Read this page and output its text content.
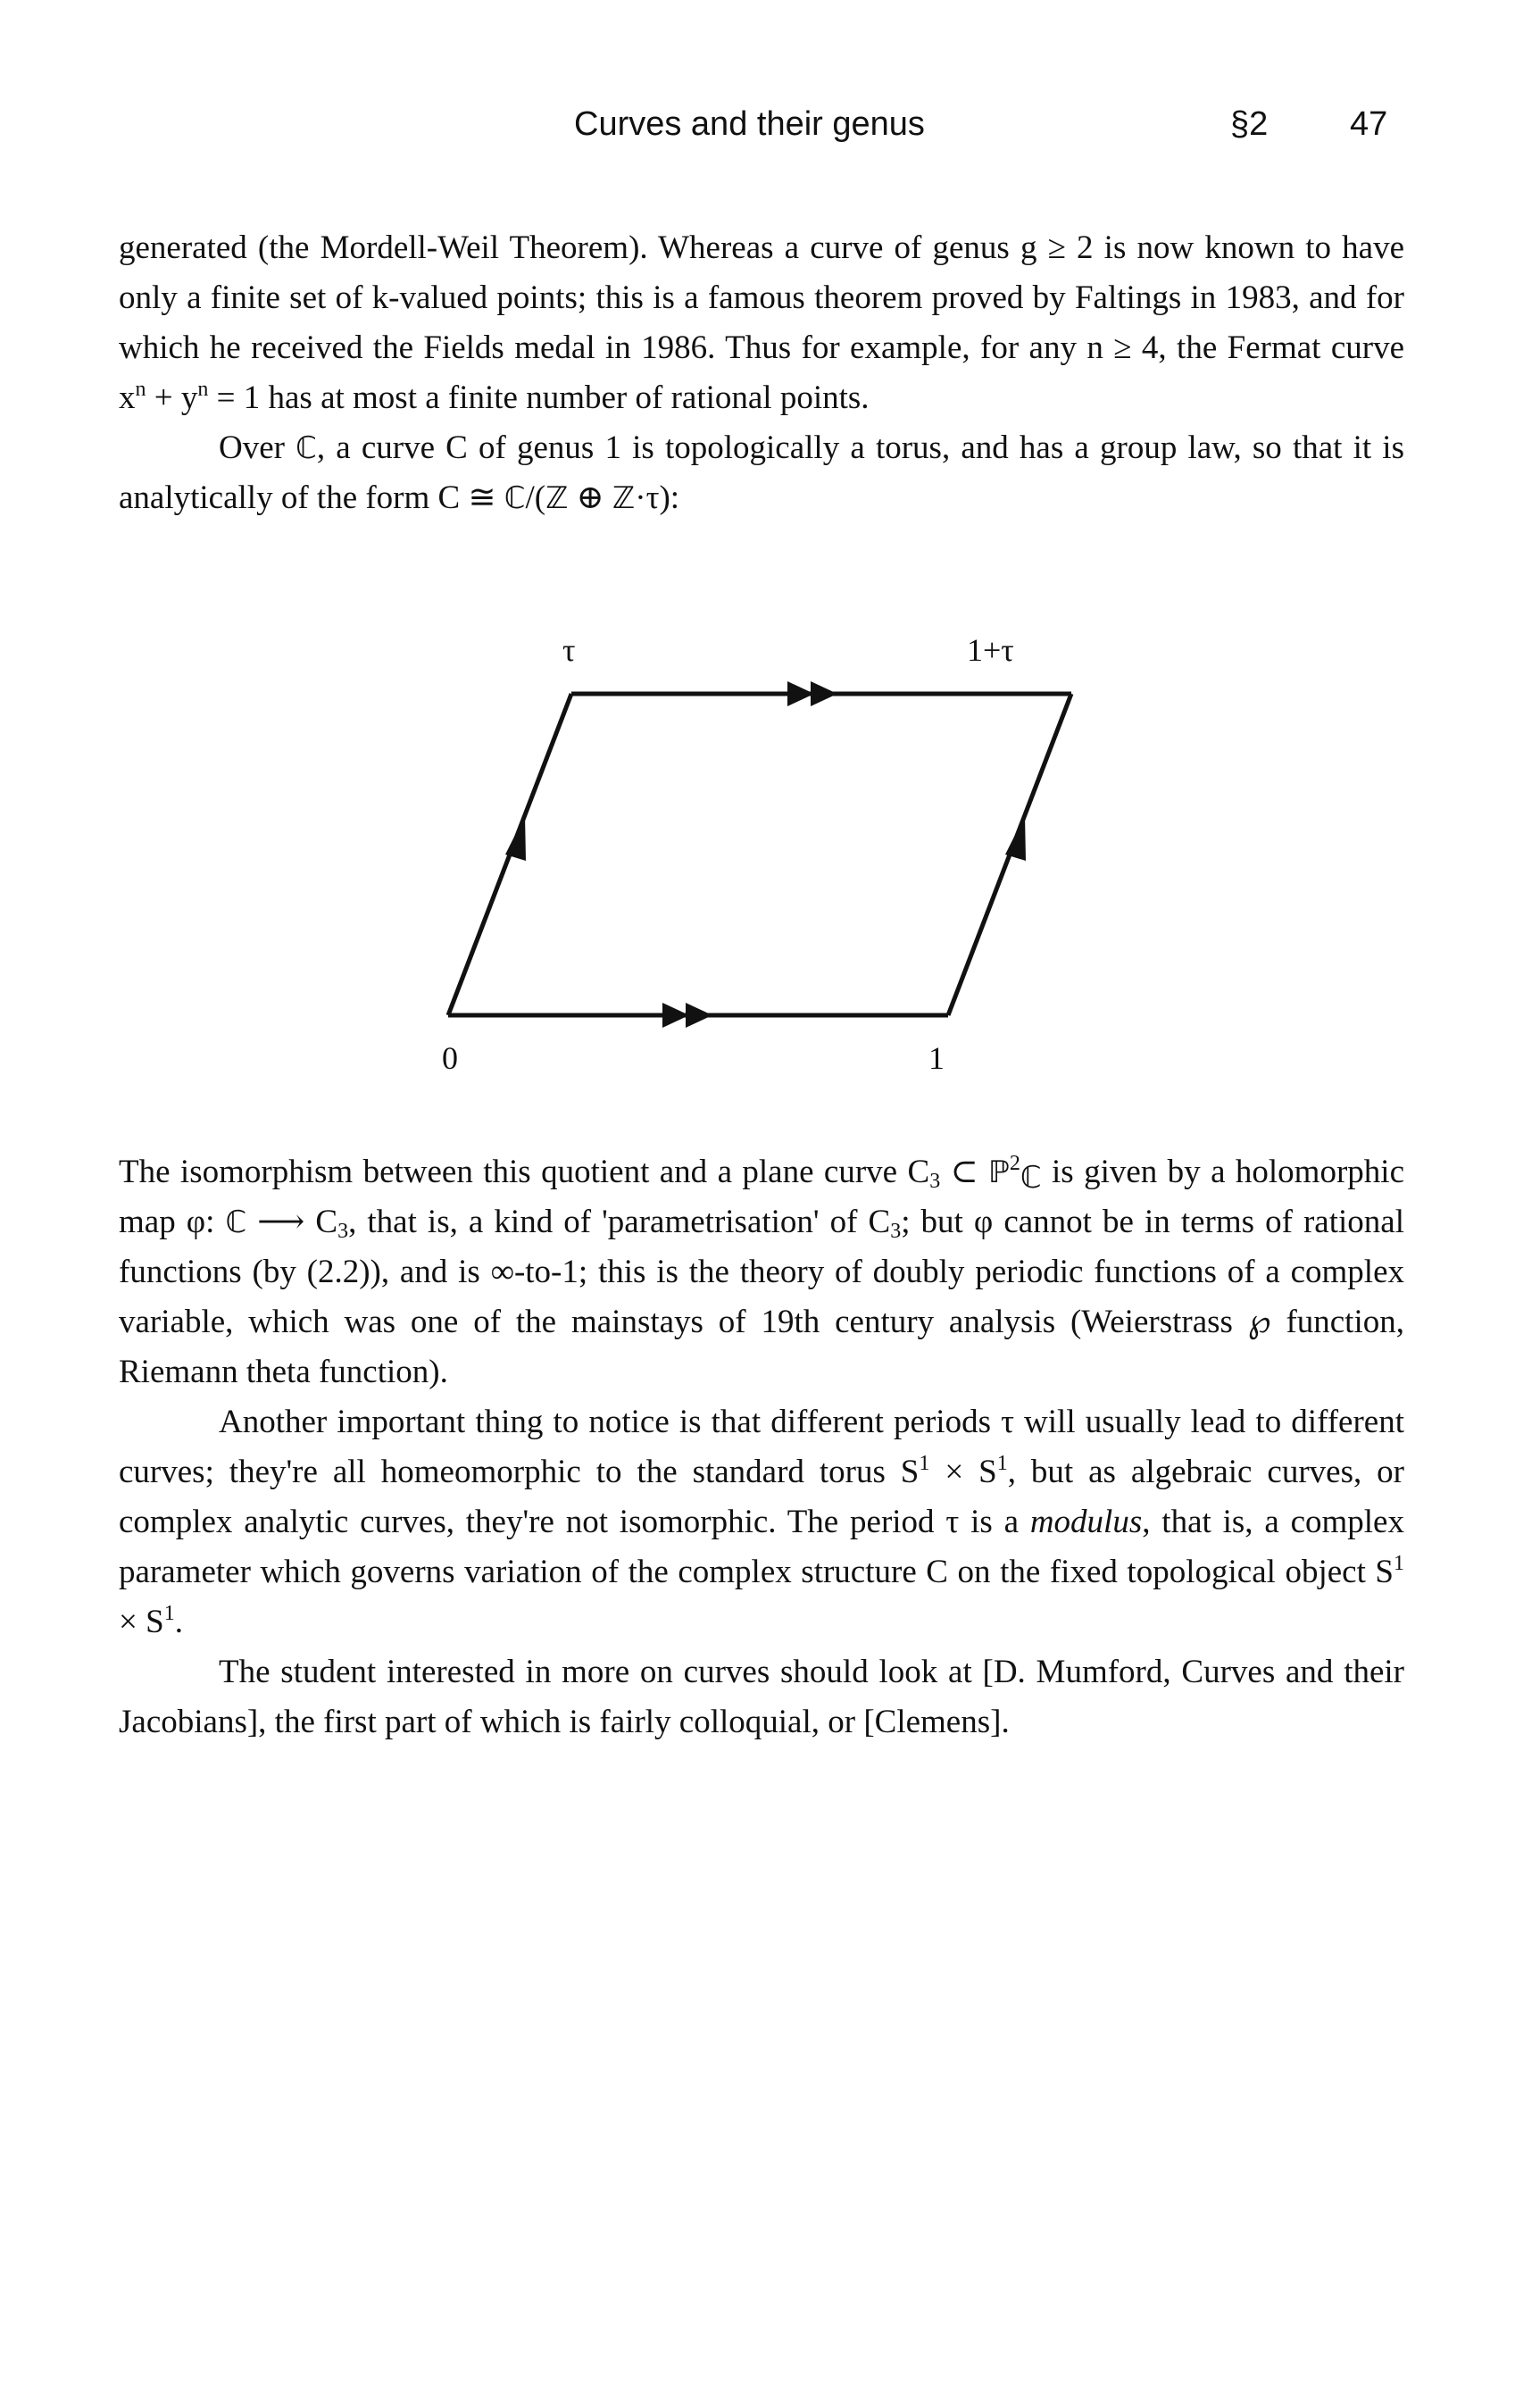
Curves and their genus	§2 47

generated (the Mordell-Weil Theorem). Whereas a curve of genus g ≥ 2 is now known to have only a finite set of k-valued points; this is a famous theorem proved by Faltings in 1983, and for which he received the Fields medal in 1986. Thus for example, for any n ≥ 4, the Fermat curve $x^n + y^n = 1$ has at most a finite number of rational points.

Over ℂ, a curve C of genus 1 is topologically a torus, and has a group law, so that it is analytically of the form C ≅ ℂ/(ℤ ⊕ ℤ·τ):

τ	1+τ
0	1

The isomorphism between this quotient and a plane curve $C_3$ ⊂ ℙ$^2$ℂ is given by a holomorphic map φ: ℂ ⟶ $C_3$, that is, a kind of 'parametrisation' of $C_3$; but φ cannot be in terms of rational functions (by (2.2)), and is ∞-to-1; this is the theory of doubly periodic functions of a complex variable, which was one of the mainstays of 19th century analysis (Weierstrass ℘ function, Riemann theta function).

Another important thing to notice is that different periods τ will usually lead to different curves; they're all homeomorphic to the standard torus $S^1 \times S^1$, but as algebraic curves, or complex analytic curves, they're not isomorphic. The period τ is a modulus, that is, a complex parameter which governs variation of the complex structure C on the fixed topological object $S^1 \times S^1$.

The student interested in more on curves should look at [D. Mumford, Curves and their Jacobians], the first part of which is fairly colloquial, or [Clemens].
